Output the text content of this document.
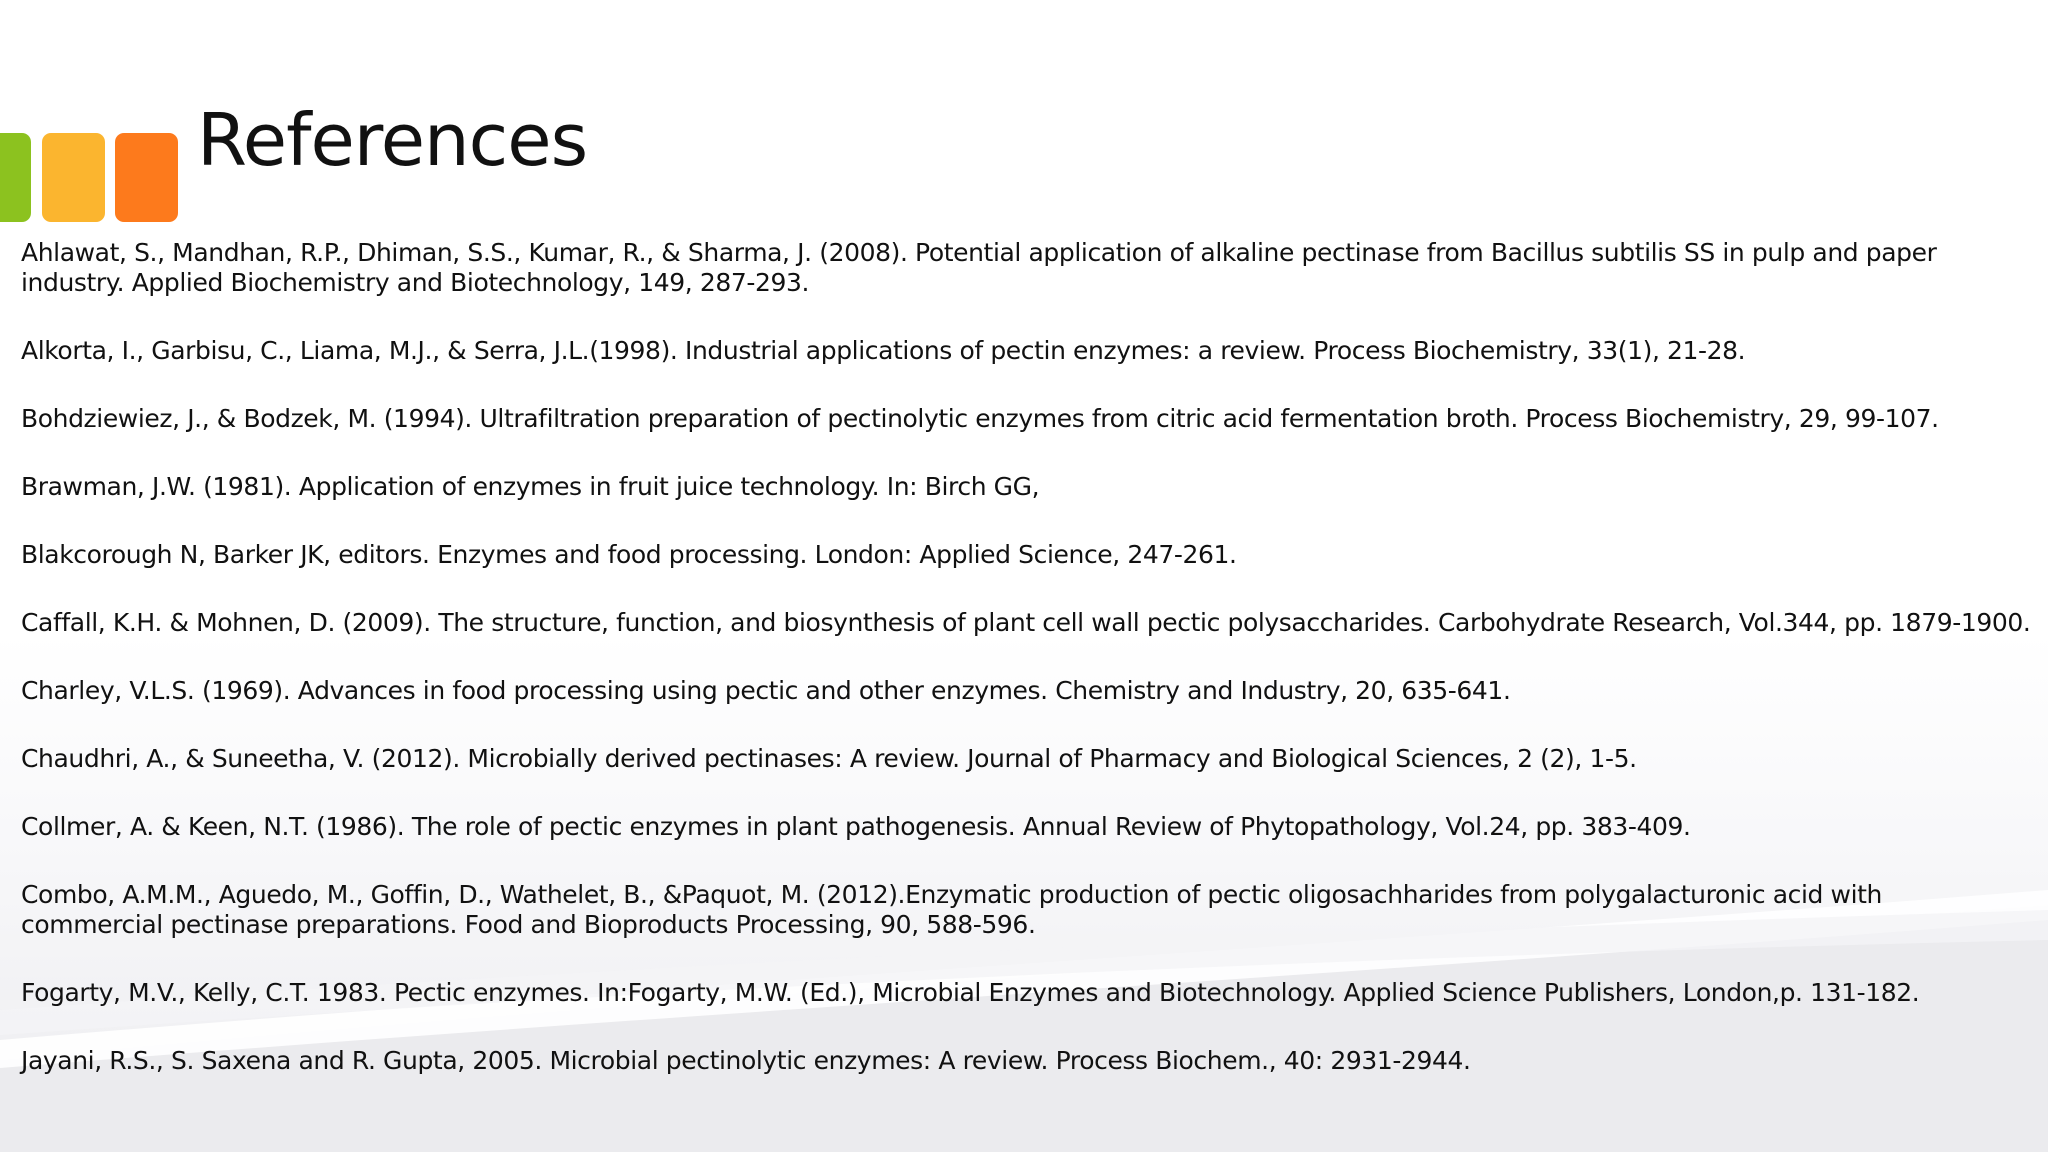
References
Ahlawat, S., Mandhan, R.P., Dhiman, S.S., Kumar, R., & Sharma, J. (2008). Potential application of alkaline pectinase from Bacillus subtilis SS in pulp and paper industry. Applied Biochemistry and Biotechnology, 149, 287-293.
Alkorta, I., Garbisu, C., Liama, M.J., & Serra, J.L.(1998). Industrial applications of pectin enzymes: a review. Process Biochemistry, 33(1), 21-28.
Bohdziewiez, J., & Bodzek, M. (1994). Ultrafiltration preparation of pectinolytic enzymes from citric acid fermentation broth. Process Biochemistry, 29, 99-107.
Brawman, J.W. (1981). Application of enzymes in fruit juice technology. In: Birch GG,
Blakcorough N, Barker JK, editors. Enzymes and food processing. London: Applied Science, 247-261.
Caffall, K.H. & Mohnen, D. (2009). The structure, function, and biosynthesis of plant cell wall pectic polysaccharides. Carbohydrate Research, Vol.344, pp. 1879-1900.
Charley, V.L.S. (1969). Advances in food processing using pectic and other enzymes. Chemistry and Industry, 20, 635-641.
Chaudhri, A., & Suneetha, V. (2012). Microbially derived pectinases: A review. Journal of Pharmacy and Biological Sciences, 2 (2), 1-5.
Collmer, A. & Keen, N.T. (1986). The role of pectic enzymes in plant pathogenesis. Annual Review of Phytopathology, Vol.24, pp. 383-409.
Combo, A.M.M., Aguedo, M., Goffin, D., Wathelet, B., &Paquot, M. (2012).Enzymatic production of pectic oligosachharides from polygalacturonic acid with commercial pectinase preparations. Food and Bioproducts Processing, 90, 588-596.
Fogarty, M.V., Kelly, C.T. 1983. Pectic enzymes. In:Fogarty, M.W. (Ed.), Microbial Enzymes and Biotechnology. Applied Science Publishers, London,p. 131-182.
Jayani, R.S., S. Saxena and R. Gupta, 2005. Microbial pectinolytic enzymes: A review. Process Biochem., 40: 2931-2944.
